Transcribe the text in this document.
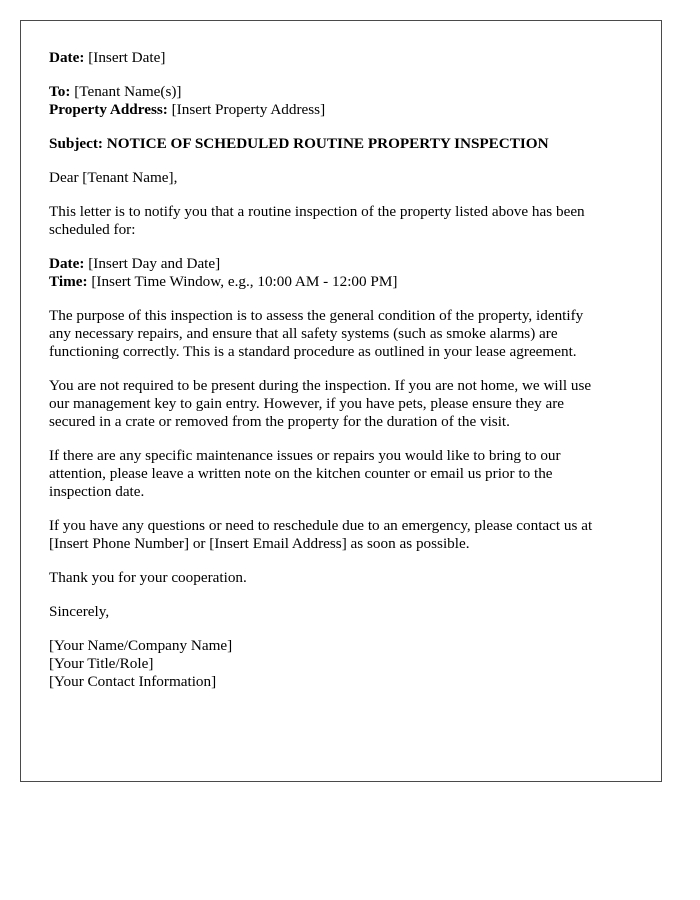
Date: [Insert Date]

To: [Tenant Name(s)]
Property Address: [Insert Property Address]

Subject: NOTICE OF SCHEDULED ROUTINE PROPERTY INSPECTION

Dear [Tenant Name],

This letter is to notify you that a routine inspection of the property listed above has been
scheduled for:

Date: [Insert Day and Date]
Time: [Insert Time Window, e.g., 10:00 AM - 12:00 PM]

The purpose of this inspection is to assess the general condition of the property, identify
any necessary repairs, and ensure that all safety systems (such as smoke alarms) are
functioning correctly. This is a standard procedure as outlined in your lease agreement.

You are not required to be present during the inspection. If you are not home, we will use
our management key to gain entry. However, if you have pets, please ensure they are
secured in a crate or removed from the property for the duration of the visit.

If there are any specific maintenance issues or repairs you would like to bring to our
attention, please leave a written note on the kitchen counter or email us prior to the
inspection date.

If you have any questions or need to reschedule due to an emergency, please contact us at
[Insert Phone Number] or [Insert Email Address] as soon as possible.

Thank you for your cooperation.

Sincerely,

[Your Name/Company Name]
[Your Title/Role]
[Your Contact Information]
